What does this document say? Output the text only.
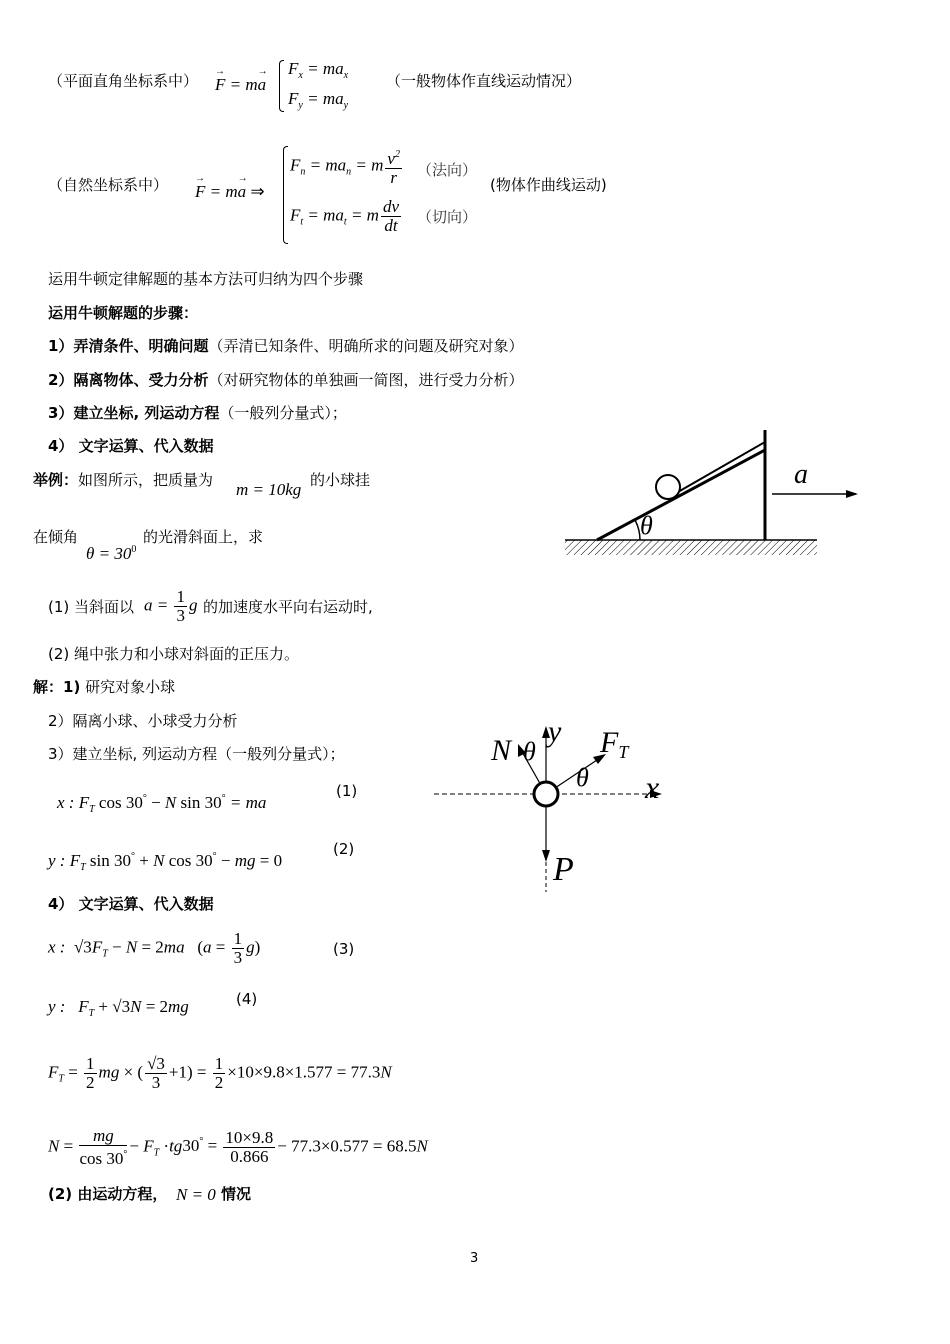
（平面直角坐标系中） → F = m→ a
$F_x = ma_x$
$F_y = ma_y$
（一般物体作直线运动情况）
（自然坐标系中） → F = m→ a ⇒
$F_n = ma_n = m \frac{v^2}{r}$ （法向）
$F_t = ma_t = m \frac{dv}{dt}$ （切向）
(物体作曲线运动)
运用牛顿定律解题的基本方法可归纳为四个步骤
运用牛顿解题的步骤：
1）弄清条件、明确问题（弄清已知条件、明确所求的问题及研究对象）
2）隔离物体、受力分析（对研究物体的单独画一简图，进行受力分析）
3）建立坐标, 列运动方程（一般列分量式）；
4） 文字运算、代入数据
举例：如图所示，把质量为 m = 10kg 的小球挂
在倾角
$\theta = 30^0$
的光滑斜面上，求
(1) 当斜面以 $a = \frac{1}{3}$ g 的加速度水平向右运动时,
(2) 绳中张力和小球对斜面的正压力。
θ
a
解：1) 研究对象小球
2）隔离小球、小球受力分析
3）建立坐标, 列运动方程（一般列分量式）；
x : $F_T$ cos 30° − N sin 30° = ma
(1)
y : $F_T$ sin 30° + N cos 30° − mg = 0
(2)
4） 文字运算、代入数据
x :  $√3F_T - N = 2ma$   $(a = \frac{1}{3} g)$	(3)
y :   $F_T + √3N = 2mg$	(4)
$F_T = \frac{1}{2}$ mg × ( $\frac{√3}{3} +1) = \frac{1}{2} \times 10\times 9.8\times 1.577 = 77.3N$
$N = \frac{mg}{\cos 30^\circ} - F_T \cdot tg30^\circ = \frac{10\times 9.8}{0.866} - 77.3\times 0.577 = 68.5N$
(2) 由运动方程， N = 0 情况
N θ
y $F_T$
θ x
P
3
